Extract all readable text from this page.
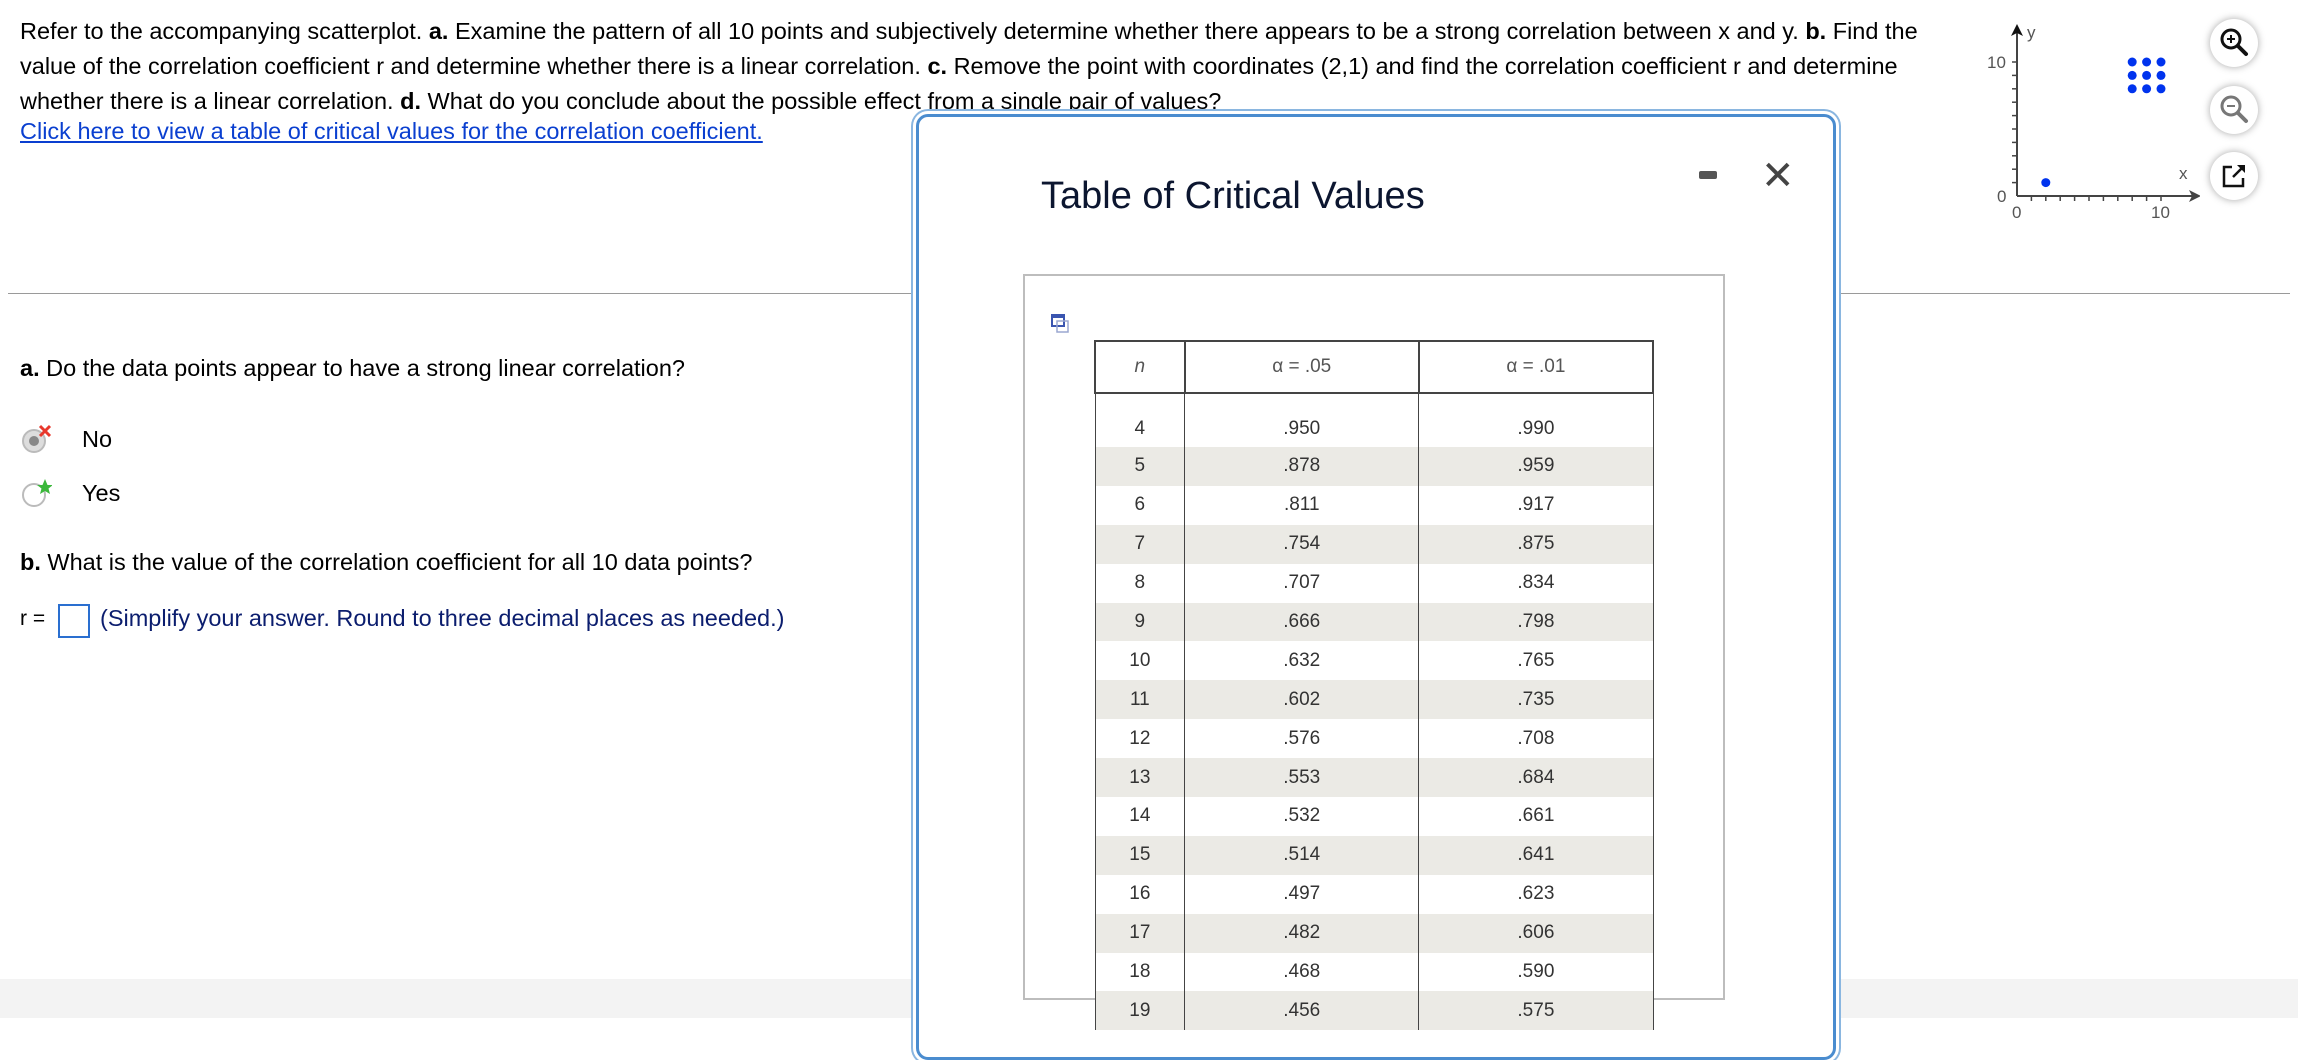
Refer to the accompanying scatterplot. a. Examine the pattern of all 10 points and subjectively determine whether there appears to be a strong correlation between x and y. b. Find the value of the correlation coefficient r and determine whether there is a linear correlation. c. Remove the point with coordinates (2,1) and find the correlation coefficient r and determine whether there is a linear correlation. d. What do you conclude about the possible effect from a single pair of values?
Click here to view a table of critical values for the correlation coefficient.
0	10
0
10
x
y
a. Do the data points appear to have a strong linear correlation?
No
Yes
b. What is the value of the correlation coefficient for all 10 data points?
r = (Simplify your answer. Round to three decimal places as needed.)
Table of Critical Values	✕
n	α = .05	α = .01
4	.950	.990
5	.878	.959
6	.811	.917
7	.754	.875
8	.707	.834
9	.666	.798
10	.632	.765
11	.602	.735
12	.576	.708
13	.553	.684
14	.532	.661
15	.514	.641
16	.497	.623
17	.482	.606
18	.468	.590
19	.456	.575
